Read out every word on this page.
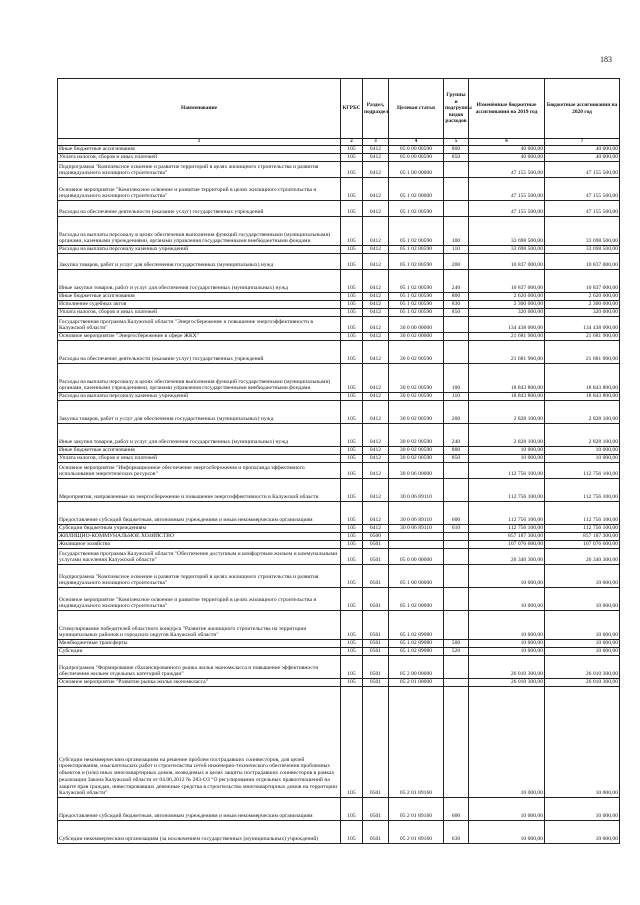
183
Наименование	КГРБС	Раздел, подраздел	Целевая статья	Группы и подгруппы видов расходов	Изменённые бюджетные ассигнования на 2019 год	Бюджетные ассигнования на 2020 год
1	2	3	4	5	6	7
Иные бюджетные ассигнования	105	0412	05 0 00 00590	800	40 000,00	40 000,00
Уплата налогов, сборов и иных платежей	105	0412	05 0 00 00590	850	40 000,00	40 000,00
Подпрограмма "Комплексное освоение и развитие территорий в целях жилищного строительства и развития индивидуального жилищного строительства"	105	0412	05 1 00 00000		47 155 500,00	47 155 500,00
Основное мероприятие "Комплексное освоение и развитие территорий в целях жилищного строительства и индивидуального жилищного строительства"	105	0412	05 1 02 00000		47 155 500,00	47 155 500,00
Расходы на обеспечение деятельности (оказание услуг) государственных учреждений	105	0412	05 1 02 00590		47 155 500,00	47 155 500,00
Расходы на выплаты персоналу в целях обеспечения выполнения функций государственными (муниципальными) органами, казенными учреждениями, органами управления государственными внебюджетными фондами	105	0412	05 1 02 00590	100	33 698 500,00	33 698 500,00
Расходы на выплаты персоналу казенных учреждений	105	0412	05 1 02 00590	110	33 698 500,00	33 698 500,00
Закупка товаров, работ и услуг для обеспечения государственных (муниципальных) нужд	105	0412	05 1 02 00590	200	10 837 000,00	10 837 000,00
Иные закупки товаров, работ и услуг для обеспечения государственных (муниципальных) нужд	105	0412	05 1 02 00590	240	10 837 000,00	10 837 000,00
Иные бюджетные ассигнования	105	0412	05 1 02 00590	800	2 620 000,00	2 620 000,00
Исполнение судебных актов	105	0412	05 1 02 00590	830	2 300 000,00	2 300 000,00
Уплата налогов, сборов и иных платежей	105	0412	05 1 02 00590	850	320 000,00	320 000,00
Государственная программа Калужской области "Энергосбережение и повышение энергоэффективности в Калужской области"	105	0412	30 0 00 00000		134 438 000,00	134 438 000,00
Основное мероприятие "Энергосбережение в сфере ЖКХ"	105	0412	30 0 02 00000		21 681 900,00	21 681 900,00
Расходы на обеспечение деятельности (оказание услуг) государственных учреждений	105	0412	30 0 02 00590		21 681 900,00	21 681 900,00
Расходы на выплаты персоналу в целях обеспечения выполнения функций государственными (муниципальными) органами, казенными учреждениями, органами управления государственными внебюджетными фондами	105	0412	30 0 02 00590	100	18 843 800,00	18 843 800,00
Расходы на выплаты персоналу казенных учреждений	105	0412	30 0 02 00590	110	18 843 800,00	18 843 800,00
Закупка товаров, работ и услуг для обеспечения государственных (муниципальных) нужд	105	0412	30 0 02 00590	200	2 828 100,00	2 828 100,00
Иные закупки товаров, работ и услуг для обеспечения государственных (муниципальных) нужд	105	0412	30 0 02 00590	240	2 828 100,00	2 828 100,00
Иные бюджетные ассигнования	105	0412	30 0 02 00590	800	10 000,00	10 000,00
Уплата налогов, сборов и иных платежей	105	0412	30 0 02 00590	850	10 000,00	10 000,00
Основное мероприятие "Информационное обеспечение энергосбережения и пропаганда эффективного использования энергетических ресурсов"	105	0412	30 0 06 00000		112 756 100,00	112 756 100,00
Мероприятия, направленные на энергосбережение и повышение энергоэффективности в Калужской области	105	0412	30 0 06 89110		112 756 100,00	112 756 100,00
Предоставление субсидий бюджетным, автономным учреждениям и иным некоммерческим организациям	105	0412	30 0 06 89110	600	112 756 100,00	112 756 100,00
Субсидии бюджетным учреждениям	105	0412	30 0 06 89110	610	112 756 100,00	112 756 100,00
ЖИЛИЩНО-КОММУНАЛЬНОЕ ХОЗЯЙСТВО	105	0500			857 187 300,00	857 187 300,00
Жилищное хозяйство	105	0501			107 076 600,00	107 076 600,00
Государственная программа Калужской области "Обеспечение доступным и комфортным жильем и коммунальными услугами населения Калужской области"	105	0501	05 0 00 00000		26 340 300,00	26 340 300,00
Подпрограмма "Комплексное освоение и развитие территорий в целях жилищного строительства и развития индивидуального жилищного строительства"	105	0501	05 1 00 00000		10 000,00	10 000,00
Основное мероприятие "Комплексное освоение и развитие территорий в целях жилищного строительства и индивидуального жилищного строительства"	105	0501	05 1 02 00000		10 000,00	10 000,00
Стимулирование победителей областного конкурса "Развитие жилищного строительства на территории муниципальных районов и городских округов Калужской области"	105	0501	05 1 02 89080		10 000,00	10 000,00
Межбюджетные трансферты	105	0501	05 1 02 89080	500	10 000,00	10 000,00
Субсидии	105	0501	05 1 02 89080	520	10 000,00	10 000,00
Подпрограмма "Формирование сбалансированного рынка жилья экономкласса и повышение эффективности обеспечения жильем отдельных категорий граждан"	105	0501	05 2 00 00000		26 010 300,00	26 010 300,00
Основное мероприятие "Развитие рынка жилья экономкласса"	105	0501	05 2 01 00000		26 010 300,00	26 010 300,00
Субсидии некоммерческим организациям на решение проблем пострадавших соинвесторов, для целей проектирования, изыскательских работ и строительства сетей инженерно-технического обеспечения проблемных объектов и (или) иных многоквартирных домов, возводимых в целях защиты пострадавших соинвесторов в рамках реализации Закона Калужской области от 04.06.2012 № 283-ОЗ "О регулировании отдельных правоотношений на защите прав граждан, инвестировавших денежные средства в строительство многоквартирных домов на территории Калужской области"	105	0501	05 2 01 89160		10 000,00	10 000,00
Предоставление субсидий бюджетным, автономным учреждениям и иным некоммерческим организациям	105	0501	05 2 01 89160	600	10 000,00	10 000,00
Субсидии некоммерческим организациям (за исключением государственных (муниципальных) учреждений)	105	0501	05 2 01 89160	630	10 000,00	10 000,00
